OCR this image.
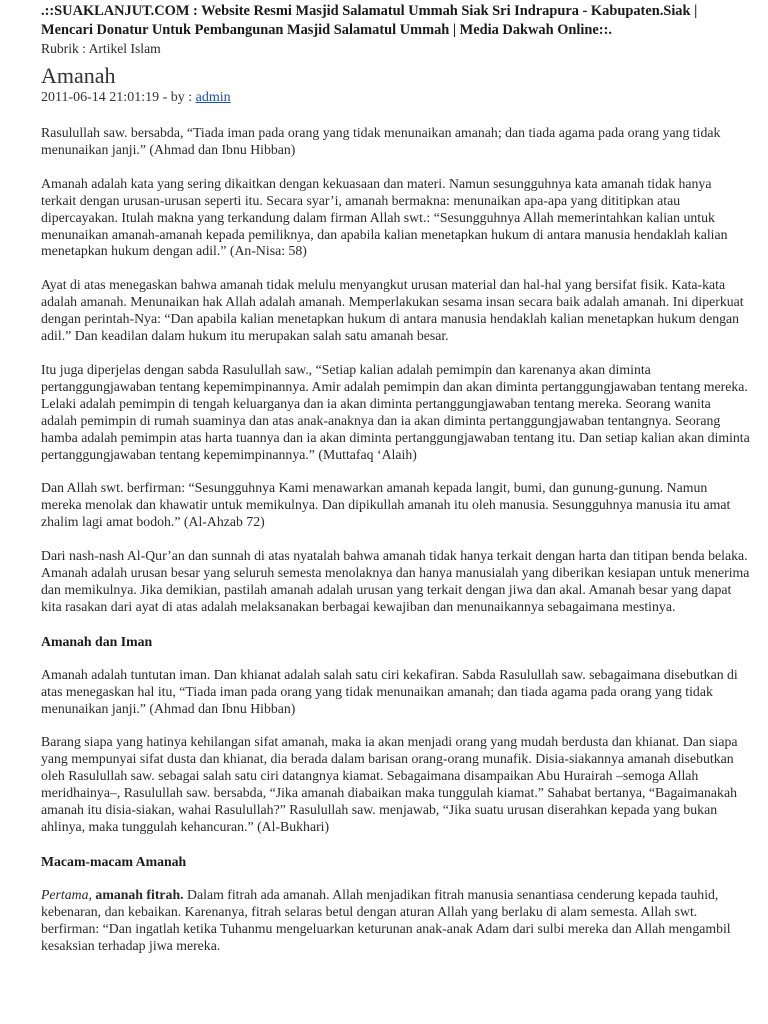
.::SUAKLANJUT.COM : Website Resmi Masjid Salamatul Ummah Siak Sri Indrapura - Kabupaten.Siak | Mencari Donatur Untuk Pembangunan Masjid Salamatul Ummah | Media Dakwah Online::.

Rubrik : Artikel Islam

Amanah
2011-06-14 21:01:19 - by : admin

Rasulullah saw. bersabda, “Tiada iman pada orang yang tidak menunaikan amanah; dan tiada agama pada orang yang tidak menunaikan janji.” (Ahmad dan Ibnu Hibban)

Amanah adalah kata yang sering dikaitkan dengan kekuasaan dan materi. Namun sesungguhnya kata amanah tidak hanya terkait dengan urusan-urusan seperti itu. Secara syar’i, amanah bermakna: menunaikan apa-apa yang dititipkan atau dipercayakan. Itulah makna yang terkandung dalam firman Allah swt.: “Sesungguhnya Allah memerintahkan kalian untuk menunaikan amanah-amanah kepada pemiliknya, dan apabila kalian menetapkan hukum di antara manusia hendaklah kalian menetapkan hukum dengan adil.” (An-Nisa: 58)

Ayat di atas menegaskan bahwa amanah tidak melulu menyangkut urusan material dan hal-hal yang bersifat fisik. Kata-kata adalah amanah. Menunaikan hak Allah adalah amanah. Memperlakukan sesama insan secara baik adalah amanah. Ini diperkuat dengan perintah-Nya: “Dan apabila kalian menetapkan hukum di antara manusia hendaklah kalian menetapkan hukum dengan adil.” Dan keadilan dalam hukum itu merupakan salah satu amanah besar.

Itu juga diperjelas dengan sabda Rasulullah saw., “Setiap kalian adalah pemimpin dan karenanya akan diminta pertanggungjawaban tentang kepemimpinannya. Amir adalah pemimpin dan akan diminta pertanggungjawaban tentang mereka. Lelaki adalah pemimpin di tengah keluarganya dan ia akan diminta pertanggungjawaban tentang mereka. Seorang wanita adalah pemimpin di rumah suaminya dan atas anak-anaknya dan ia akan diminta pertanggungjawaban tentangnya. Seorang hamba adalah pemimpin atas harta tuannya dan ia akan diminta pertanggungjawaban tentang itu. Dan setiap kalian akan diminta pertanggungjawaban tentang kepemimpinannya.” (Muttafaq ‘Alaih)

Dan Allah swt. berfirman: “Sesungguhnya Kami menawarkan amanah kepada langit, bumi, dan gunung-gunung. Namun mereka menolak dan khawatir untuk memikulnya. Dan dipikullah amanah itu oleh manusia. Sesungguhnya manusia itu amat zhalim lagi amat bodoh.” (Al-Ahzab 72)

Dari nash-nash Al-Qur’an dan sunnah di atas nyatalah bahwa amanah tidak hanya terkait dengan harta dan titipan benda belaka. Amanah adalah urusan besar yang seluruh semesta menolaknya dan hanya manusialah yang diberikan kesiapan untuk menerima dan memikulnya. Jika demikian, pastilah amanah adalah urusan yang terkait dengan jiwa dan akal. Amanah besar yang dapat kita rasakan dari ayat di atas adalah melaksanakan berbagai kewajiban dan menunaikannya sebagaimana mestinya.

Amanah dan Iman

Amanah adalah tuntutan iman. Dan khianat adalah salah satu ciri kekafiran. Sabda Rasulullah saw. sebagaimana disebutkan di atas menegaskan hal itu, “Tiada iman pada orang yang tidak menunaikan amanah; dan tiada agama pada orang yang tidak menunaikan janji.” (Ahmad dan Ibnu Hibban)

Barang siapa yang hatinya kehilangan sifat amanah, maka ia akan menjadi orang yang mudah berdusta dan khianat. Dan siapa yang mempunyai sifat dusta dan khianat, dia berada dalam barisan orang-orang munafik. Disia-siakannya amanah disebutkan oleh Rasulullah saw. sebagai salah satu ciri datangnya kiamat. Sebagaimana disampaikan Abu Hurairah –semoga Allah meridhainya–, Rasulullah saw. bersabda, “Jika amanah diabaikan maka tunggulah kiamat.” Sahabat bertanya, “Bagaimanakah amanah itu disia-siakan, wahai Rasulullah?” Rasulullah saw. menjawab, “Jika suatu urusan diserahkan kepada yang bukan ahlinya, maka tunggulah kehancuran.” (Al-Bukhari)

Macam-macam Amanah

Pertama, amanah fitrah. Dalam fitrah ada amanah. Allah menjadikan fitrah manusia senantiasa cenderung kepada tauhid, kebenaran, dan kebaikan. Karenanya, fitrah selaras betul dengan aturan Allah yang berlaku di alam semesta. Allah swt. berfirman: “Dan ingatlah ketika Tuhanmu mengeluarkan keturunan anak-anak Adam dari sulbi mereka dan Allah mengambil kesaksian terhadap jiwa mereka.
